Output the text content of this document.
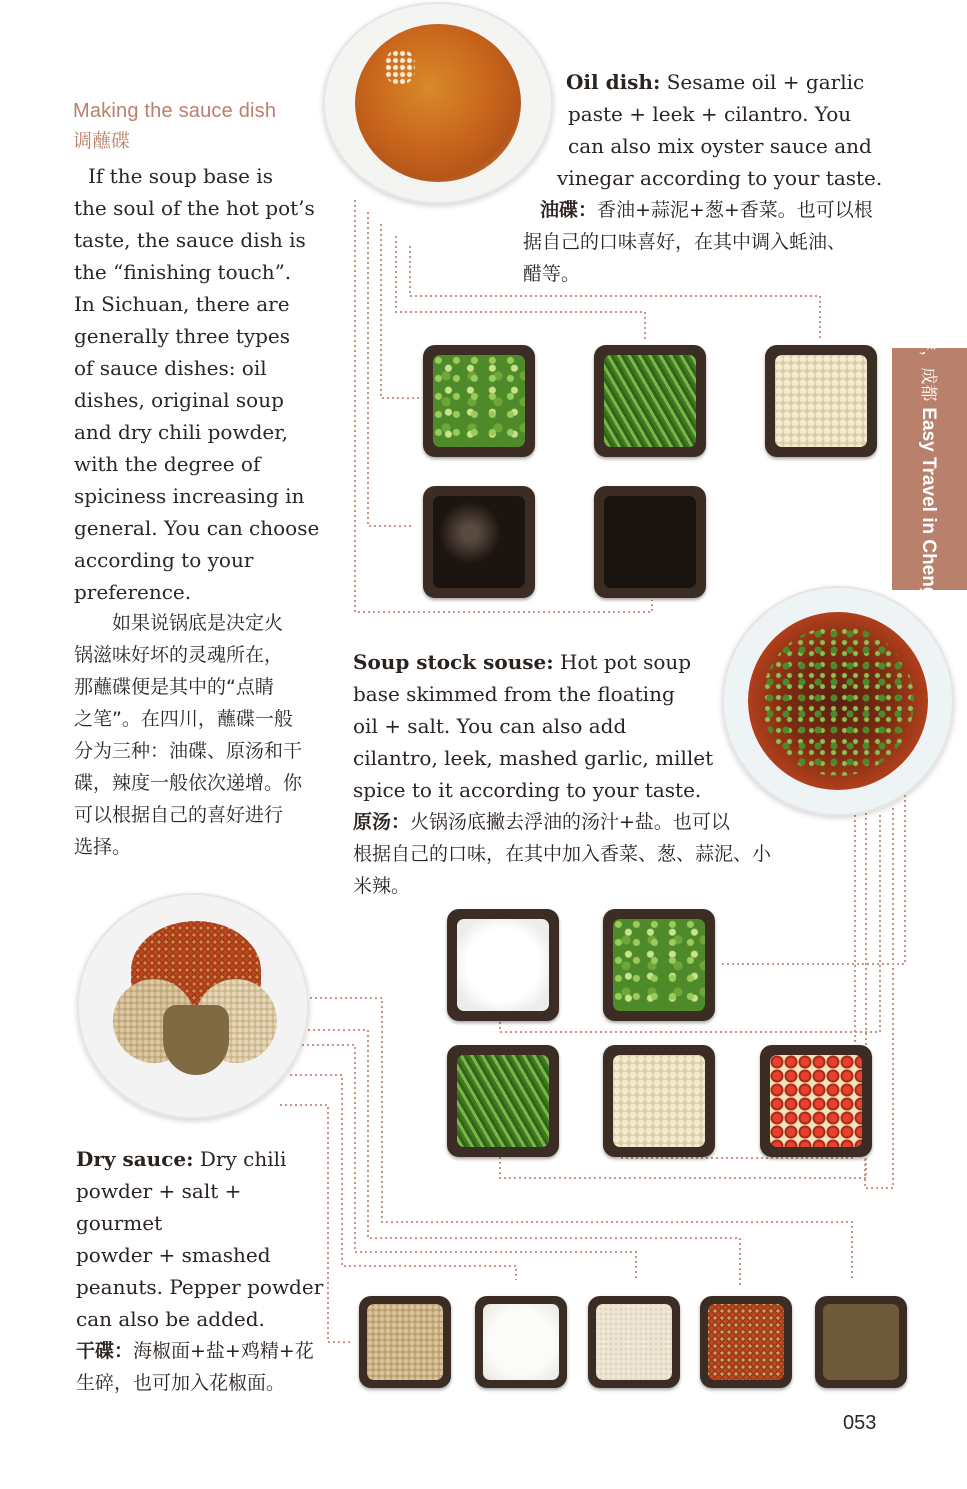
Making the sauce dish
调蘸碟
If the soup base is
the soul of the hot pot’s
taste, the sauce dish is
the “finishing touch”.
In Sichuan, there are
generally three types
of sauce dishes: oil
dishes, original soup
and dry chili powder,
with the degree of
spiciness increasing in
general. You can choose
according to your
preference.
　　如果说锅底是决定火
锅滋味好坏的灵魂所在，
那蘸碟便是其中的“点睛
之笔”。在四川，蘸碟一般
分为三种：油碟、原汤和干
碟，辣度一般依次递增。你
可以根据自己的喜好进行
选择。
Oil dish: Sesame oil + garlic
paste + leek + cilantro. You
can also mix oyster sauce and
vinegar according to your taste.
油碟：香油+蒜泥+葱+香菜。也可以根
据自己的口味喜好，在其中调入蚝油、
醋等。
悠游，成都Easy Travel in Chengdu
Soup stock souse: Hot pot soup
base skimmed from the floating
oil + salt. You can also add
cilantro, leek, mashed garlic, millet
spice to it according to your taste.
原汤：火锅汤底撇去浮油的汤汁+盐。也可以
根据自己的口味，在其中加入香菜、葱、蒜泥、小
米辣。
Dry sauce: Dry chili
powder + salt + gourmet
powder + smashed
peanuts. Pepper powder
can also be added.
干碟：海椒面+盐+鸡精+花
生碎，也可加入花椒面。
053
